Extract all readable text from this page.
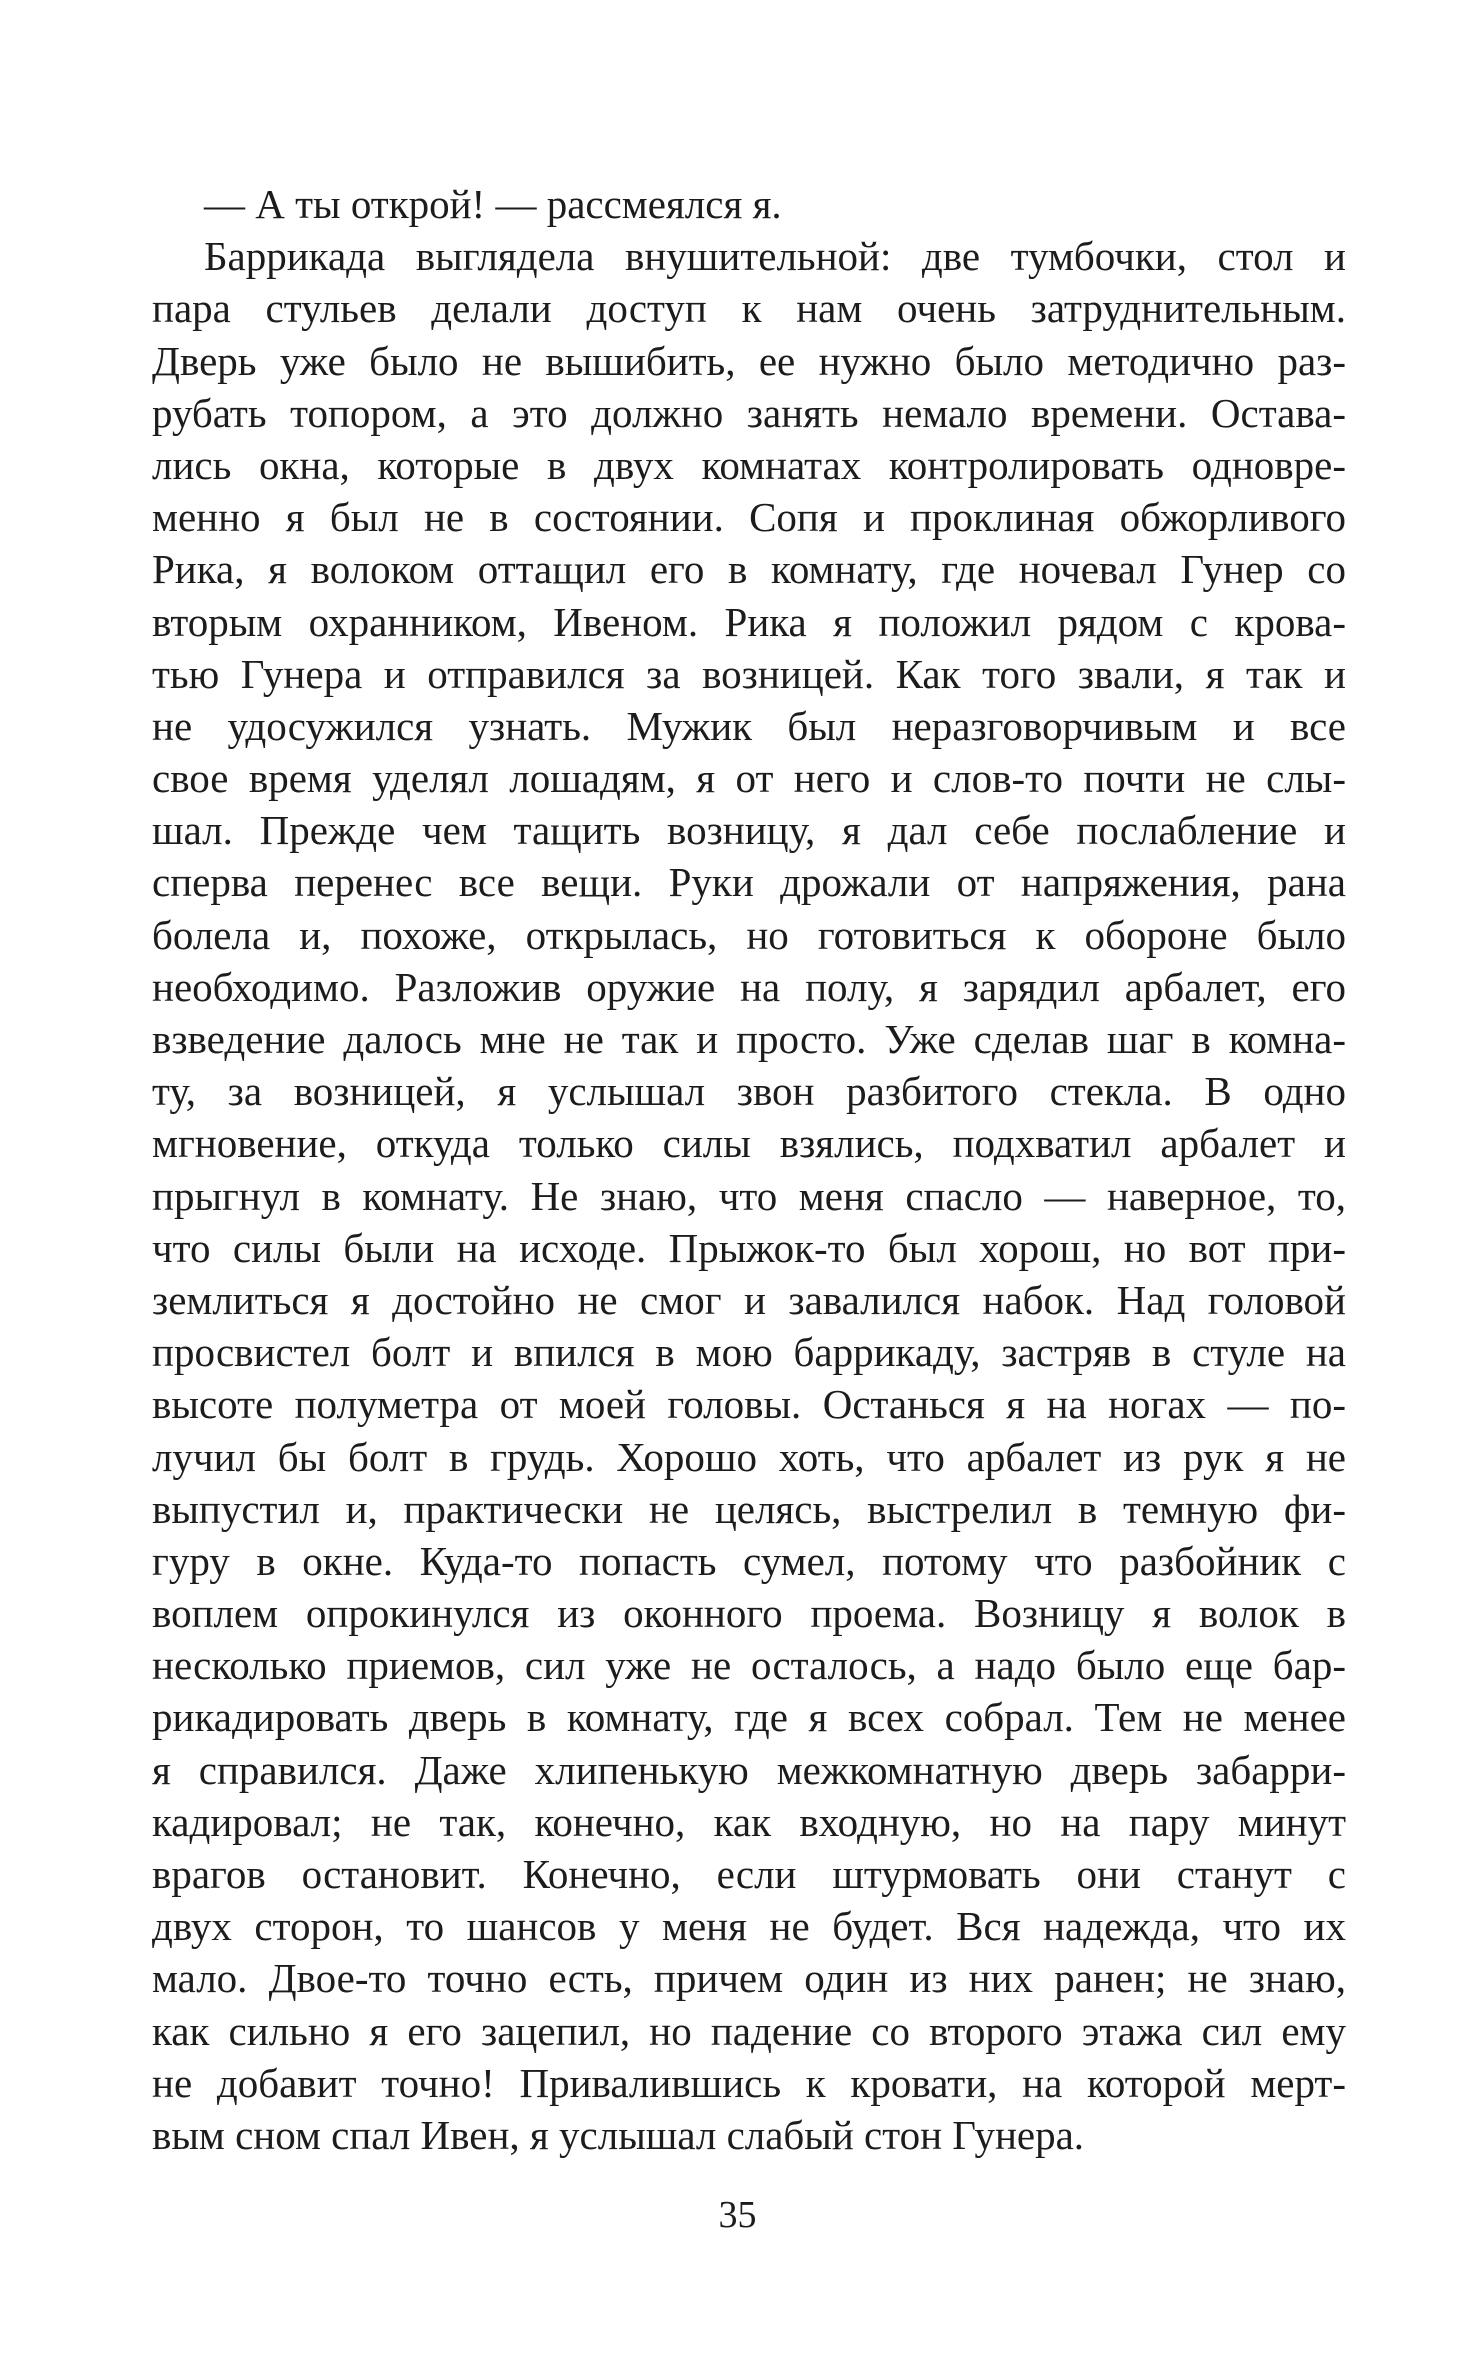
— А ты открой! — рассмеялся я.
Баррикада выглядела внушительной: две тумбочки, стол и
пара стульев делали доступ к нам очень затруднительным.
Дверь уже было не вышибить, ее нужно было методично раз-
рубать топором, а это должно занять немало времени. Остава-
лись окна, которые в двух комнатах контролировать одновре-
менно я был не в состоянии. Сопя и проклиная обжорливого
Рика, я волоком оттащил его в комнату, где ночевал Гунер со
вторым охранником, Ивеном. Рика я положил рядом с крова-
тью Гунера и отправился за возницей. Как того звали, я так и
не удосужился узнать. Мужик был неразговорчивым и все
свое время уделял лошадям, я от него и слов-то почти не слы-
шал. Прежде чем тащить возницу, я дал себе послабление и
сперва перенес все вещи. Руки дрожали от напряжения, рана
болела и, похоже, открылась, но готовиться к обороне было
необходимо. Разложив оружие на полу, я зарядил арбалет, его
взведение далось мне не так и просто. Уже сделав шаг в комна-
ту, за возницей, я услышал звон разбитого стекла. В одно
мгновение, откуда только силы взялись, подхватил арбалет и
прыгнул в комнату. Не знаю, что меня спасло — наверное, то,
что силы были на исходе. Прыжок-то был хорош, но вот при-
землиться я достойно не смог и завалился набок. Над головой
просвистел болт и впился в мою баррикаду, застряв в стуле на
высоте полуметра от моей головы. Останься я на ногах — по-
лучил бы болт в грудь. Хорошо хоть, что арбалет из рук я не
выпустил и, практически не целясь, выстрелил в темную фи-
гуру в окне. Куда-то попасть сумел, потому что разбойник с
воплем опрокинулся из оконного проема. Возницу я волок в
несколько приемов, сил уже не осталось, а надо было еще бар-
рикадировать дверь в комнату, где я всех собрал. Тем не менее
я справился. Даже хлипенькую межкомнатную дверь забарри-
кадировал; не так, конечно, как входную, но на пару минут
врагов остановит. Конечно, если штурмовать они станут с
двух сторон, то шансов у меня не будет. Вся надежда, что их
мало. Двое-то точно есть, причем один из них ранен; не знаю,
как сильно я его зацепил, но падение со второго этажа сил ему
не добавит точно! Привалившись к кровати, на которой мерт-
вым сном спал Ивен, я услышал слабый стон Гунера.
35
